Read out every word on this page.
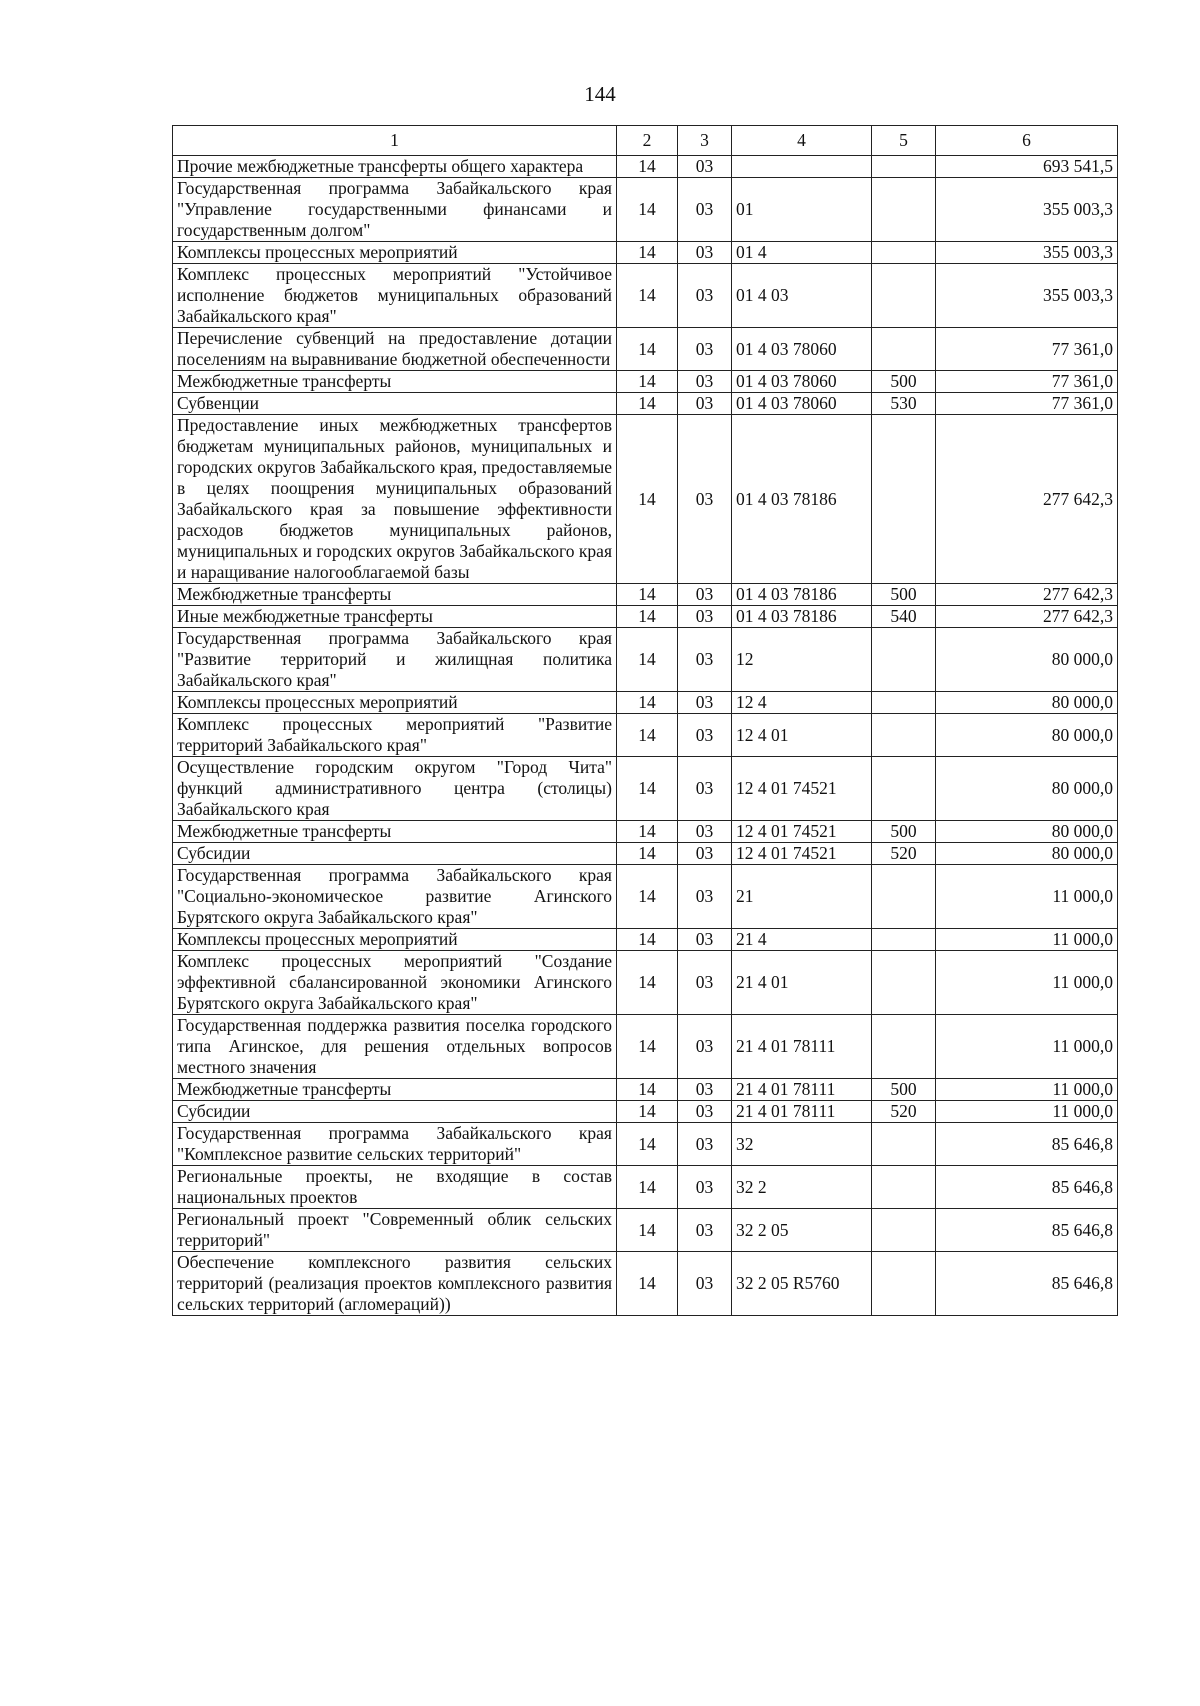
144
1	2	3	4	5	6
Прочие межбюджетные трансферты общего характера	14	03			693 541,5
Государственная программа Забайкальского края "Управление государственными финансами и государственным долгом"	14	03	01		355 003,3
Комплексы процессных мероприятий	14	03	01 4		355 003,3
Комплекс процессных мероприятий "Устойчивое исполнение бюджетов муниципальных образований Забайкальского края"	14	03	01 4 03		355 003,3
Перечисление субвенций на предоставление дотации поселениям на выравнивание бюджетной обеспеченности	14	03	01 4 03 78060		77 361,0
Межбюджетные трансферты	14	03	01 4 03 78060	500	77 361,0
Субвенции	14	03	01 4 03 78060	530	77 361,0
Предоставление иных межбюджетных трансфертов бюджетам муниципальных районов, муниципальных и городских округов Забайкальского края, предоставляемые в целях поощрения муниципальных образований Забайкальского края за повышение эффективности расходов бюджетов муниципальных районов, муниципальных и городских округов Забайкальского края и наращивание налогооблагаемой базы	14	03	01 4 03 78186		277 642,3
Межбюджетные трансферты	14	03	01 4 03 78186	500	277 642,3
Иные межбюджетные трансферты	14	03	01 4 03 78186	540	277 642,3
Государственная программа Забайкальского края "Развитие территорий и жилищная политика Забайкальского края"	14	03	12		80 000,0
Комплексы процессных мероприятий	14	03	12 4		80 000,0
Комплекс процессных мероприятий "Развитие территорий Забайкальского края"	14	03	12 4 01		80 000,0
Осуществление городским округом "Город Чита" функций административного центра (столицы) Забайкальского края	14	03	12 4 01 74521		80 000,0
Межбюджетные трансферты	14	03	12 4 01 74521	500	80 000,0
Субсидии	14	03	12 4 01 74521	520	80 000,0
Государственная программа Забайкальского края "Социально-экономическое развитие Агинского Бурятского округа Забайкальского края"	14	03	21		11 000,0
Комплексы процессных мероприятий	14	03	21 4		11 000,0
Комплекс процессных мероприятий "Создание эффективной сбалансированной экономики Агинского Бурятского округа Забайкальского края"	14	03	21 4 01		11 000,0
Государственная поддержка развития поселка городского типа Агинское, для решения отдельных вопросов местного значения	14	03	21 4 01 78111		11 000,0
Межбюджетные трансферты	14	03	21 4 01 78111	500	11 000,0
Субсидии	14	03	21 4 01 78111	520	11 000,0
Государственная программа Забайкальского края "Комплексное развитие сельских территорий"	14	03	32		85 646,8
Региональные проекты, не входящие в состав национальных проектов	14	03	32 2		85 646,8
Региональный проект "Современный облик сельских территорий"	14	03	32 2 05		85 646,8
Обеспечение комплексного развития сельских территорий (реализация проектов комплексного развития сельских территорий (агломераций))	14	03	32 2 05 R5760		85 646,8
